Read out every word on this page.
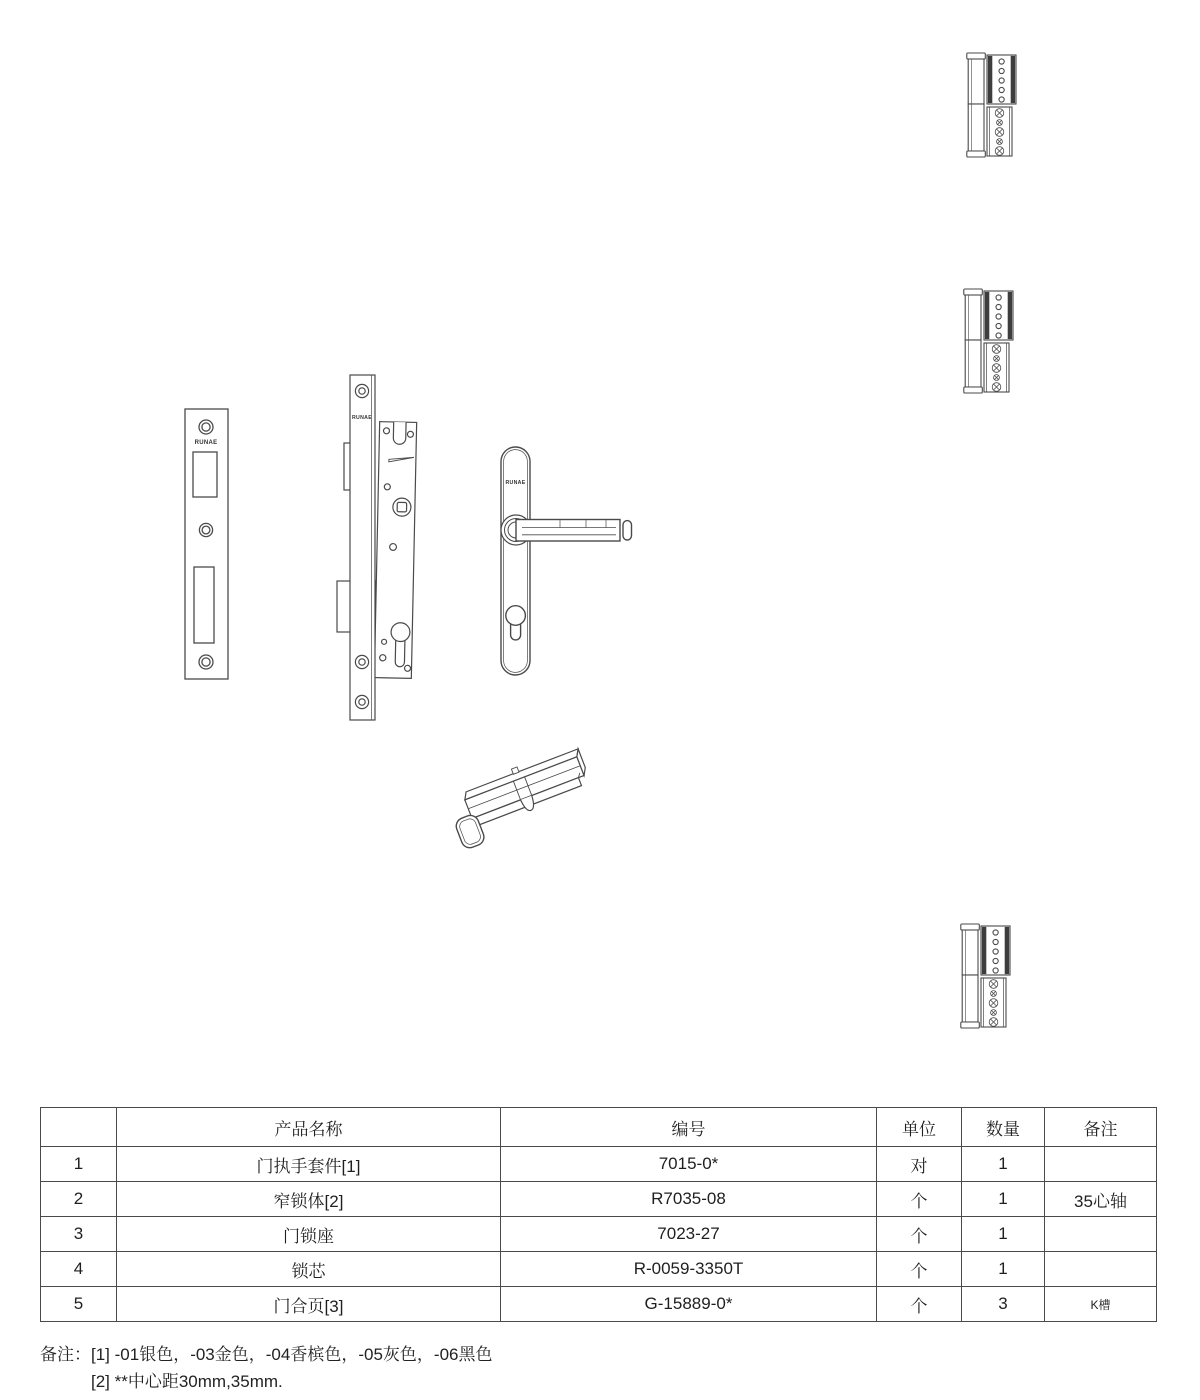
RUNAE
RUNAE
RUNAE
	产品名称	编号	单位	数量	备注
1	门执手套件[1]	7015-0*	对	1	
2	窄锁体[2]	R7035-08	个	1	35心轴
3	门锁座	7023-27	个	1	
4	锁芯	R-0059-3350T	个	1	
5	门合页[3]	G-15889-0*	个	3	K槽
备注： [1] -01银色，-03金色，-04香槟色，-05灰色，-06黑色
[2] **中心距30mm,35mm.
